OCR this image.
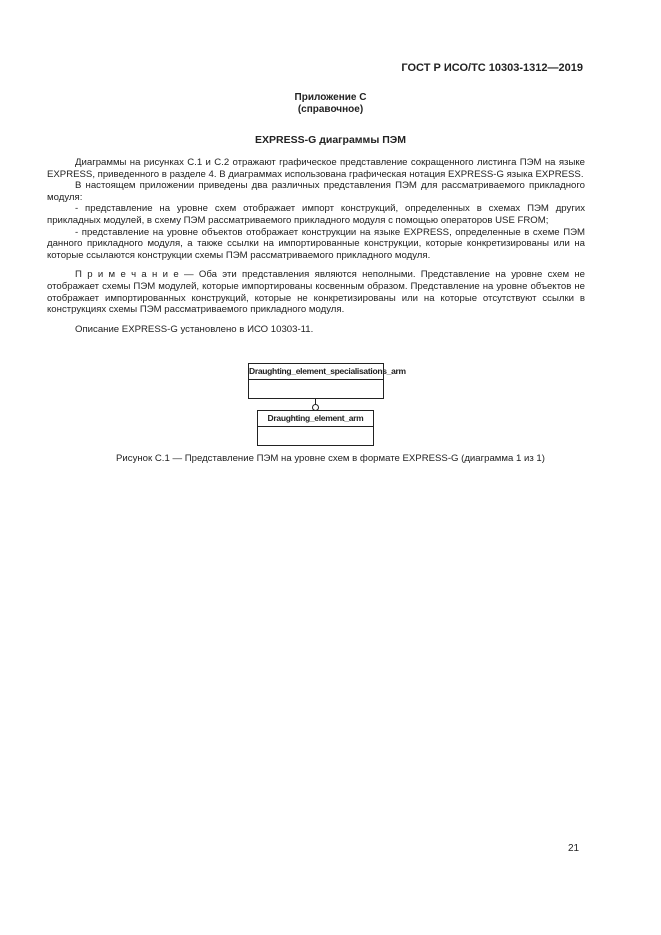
ГОСТ Р ИСО/ТС 10303-1312—2019
Приложение С
(справочное)
EXPRESS-G диаграммы ПЭМ

Диаграммы на рисунках С.1 и С.2 отражают графическое представление сокращенного листинга ПЭМ на языке EXPRESS, приведенного в разделе 4. В диаграммах использована графическая нотация EXPRESS-G языка EXPRESS.

В настоящем приложении приведены два различных представления ПЭМ для рассматриваемого прикладного модуля:

- представление на уровне схем отображает импорт конструкций, определенных в схемах ПЭМ других прикладных модулей, в схему ПЭМ рассматриваемого прикладного модуля с помощью операторов USE FROM;

- представление на уровне объектов отображает конструкции на языке EXPRESS, определенные в схеме ПЭМ данного прикладного модуля, а также ссылки на импортированные конструкции, которые конкретизированы или на которые ссылаются конструкции схемы ПЭМ рассматриваемого прикладного модуля.

П р и м е ч а н и е — Оба эти представления являются неполными. Представление на уровне схем не отображает схемы ПЭМ модулей, которые импортированы косвенным образом. Представление на уровне объектов не отображает импортированных конструкций, которые не конкретизированы или на которые отсутствуют ссылки в конструкциях схемы ПЭМ рассматриваемого прикладного модуля.

Описание EXPRESS-G установлено в ИСО 10303-11.

Draughting_element_specialisations_arm
Draughting_element_arm
Рисунок С.1 — Представление ПЭМ на уровне схем в формате EXPRESS-G (диаграмма 1 из 1)
21
